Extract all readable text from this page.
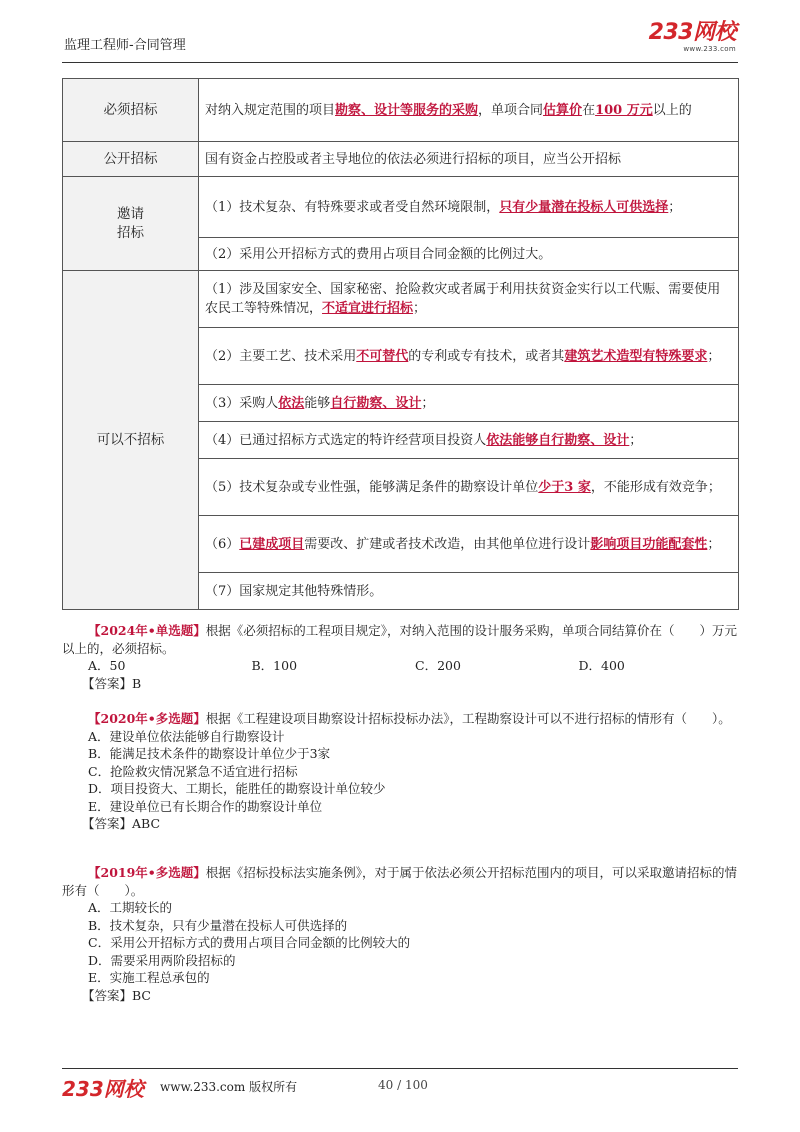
监理工程师-合同管理
233网校
www.233.com
必须招标	对纳入规定范围的项目勘察、设计等服务的采购，单项合同估算价在100 万元以上的
公开招标	国有资金占控股或者主导地位的依法必须进行招标的项目，应当公开招标

邀请
招标	（1）技术复杂、有特殊要求或者受自然环境限制，只有少量潜在投标人可供选择；
	（2）采用公开招标方式的费用占项目合同金额的比例过大。
可以不招标	（1）涉及国家安全、国家秘密、抢险救灾或者属于利用扶贫资金实行以工代赈、需要使用农民工等特殊情况，不适宜进行招标；
	（2）主要工艺、技术采用不可替代的专利或专有技术，或者其建筑艺术造型有特殊要求；
	（3）采购人依法能够自行勘察、设计；
	（4）已通过招标方式选定的特许经营项目投资人依法能够自行勘察、设计；
	（5）技术复杂或专业性强，能够满足条件的勘察设计单位少于3 家，不能形成有效竞争；
	（6）已建成项目需要改、扩建或者技术改造，由其他单位进行设计影响项目功能配套性；
	（7）国家规定其他特殊情形。

【2024年•单选题】根据《必须招标的工程项目规定》，对纳入范围的设计服务采购，单项合同结算价在（　　）万元以上的，必须招标。

A．50	B．100	C．200	D．400

【答案】B

【2020年•多选题】根据《工程建设项目勘察设计招标投标办法》，工程勘察设计可以不进行招标的情形有（　　）。

A．建设单位依法能够自行勘察设计

B．能满足技术条件的勘察设计单位少于3家

C．抢险救灾情况紧急不适宜进行招标

D．项目投资大、工期长，能胜任的勘察设计单位较少

E．建设单位已有长期合作的勘察设计单位

【答案】ABC

【2019年•多选题】根据《招标投标法实施条例》，对于属于依法必须公开招标范围内的项目，可以采取邀请招标的情形有（　　）。

A．工期较长的

B．技术复杂，只有少量潜在投标人可供选择的

C．采用公开招标方式的费用占项目合同金额的比例较大的

D．需要采用两阶段招标的

E．实施工程总承包的

【答案】BC

233网校 www.233.com 版权所有	40 / 100
